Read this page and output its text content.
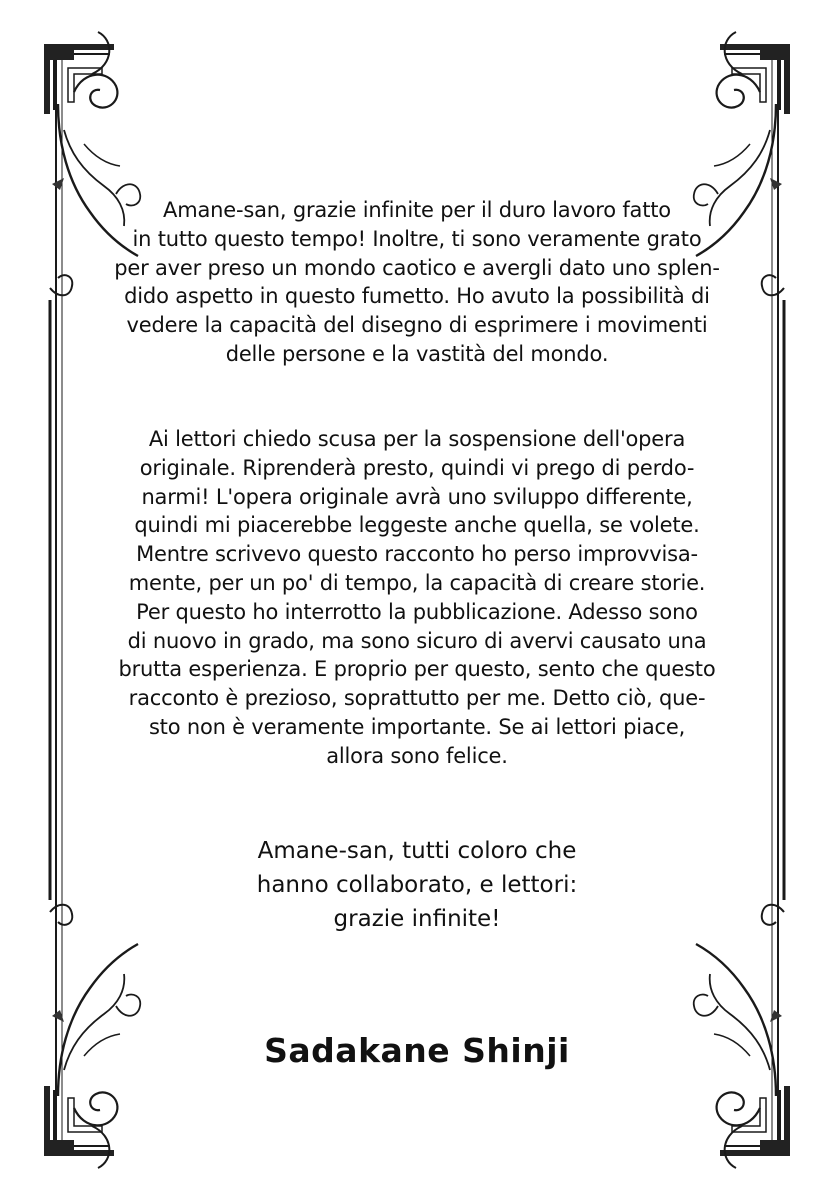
Amane-san, grazie infinite per il duro lavoro fatto
in tutto questo tempo! Inoltre, ti sono veramente grato
per aver preso un mondo caotico e avergli dato uno splen-
dido aspetto in questo fumetto. Ho avuto la possibilità di
vedere la capacità del disegno di esprimere i movimenti
delle persone e la vastità del mondo.
Ai lettori chiedo scusa per la sospensione dell'opera
originale. Riprenderà presto, quindi vi prego di perdo-
narmi! L'opera originale avrà uno sviluppo differente,
quindi mi piacerebbe leggeste anche quella, se volete.
Mentre scrivevo questo racconto ho perso improvvisa-
mente, per un po' di tempo, la capacità di creare storie.
Per questo ho interrotto la pubblicazione. Adesso sono
di nuovo in grado, ma sono sicuro di avervi causato una
brutta esperienza. E proprio per questo, sento che questo
racconto è prezioso, soprattutto per me. Detto ciò, que-
sto non è veramente importante. Se ai lettori piace,
allora sono felice.
Amane-san, tutti coloro che
hanno collaborato, e lettori:
grazie infinite!
Sadakane Shinji
